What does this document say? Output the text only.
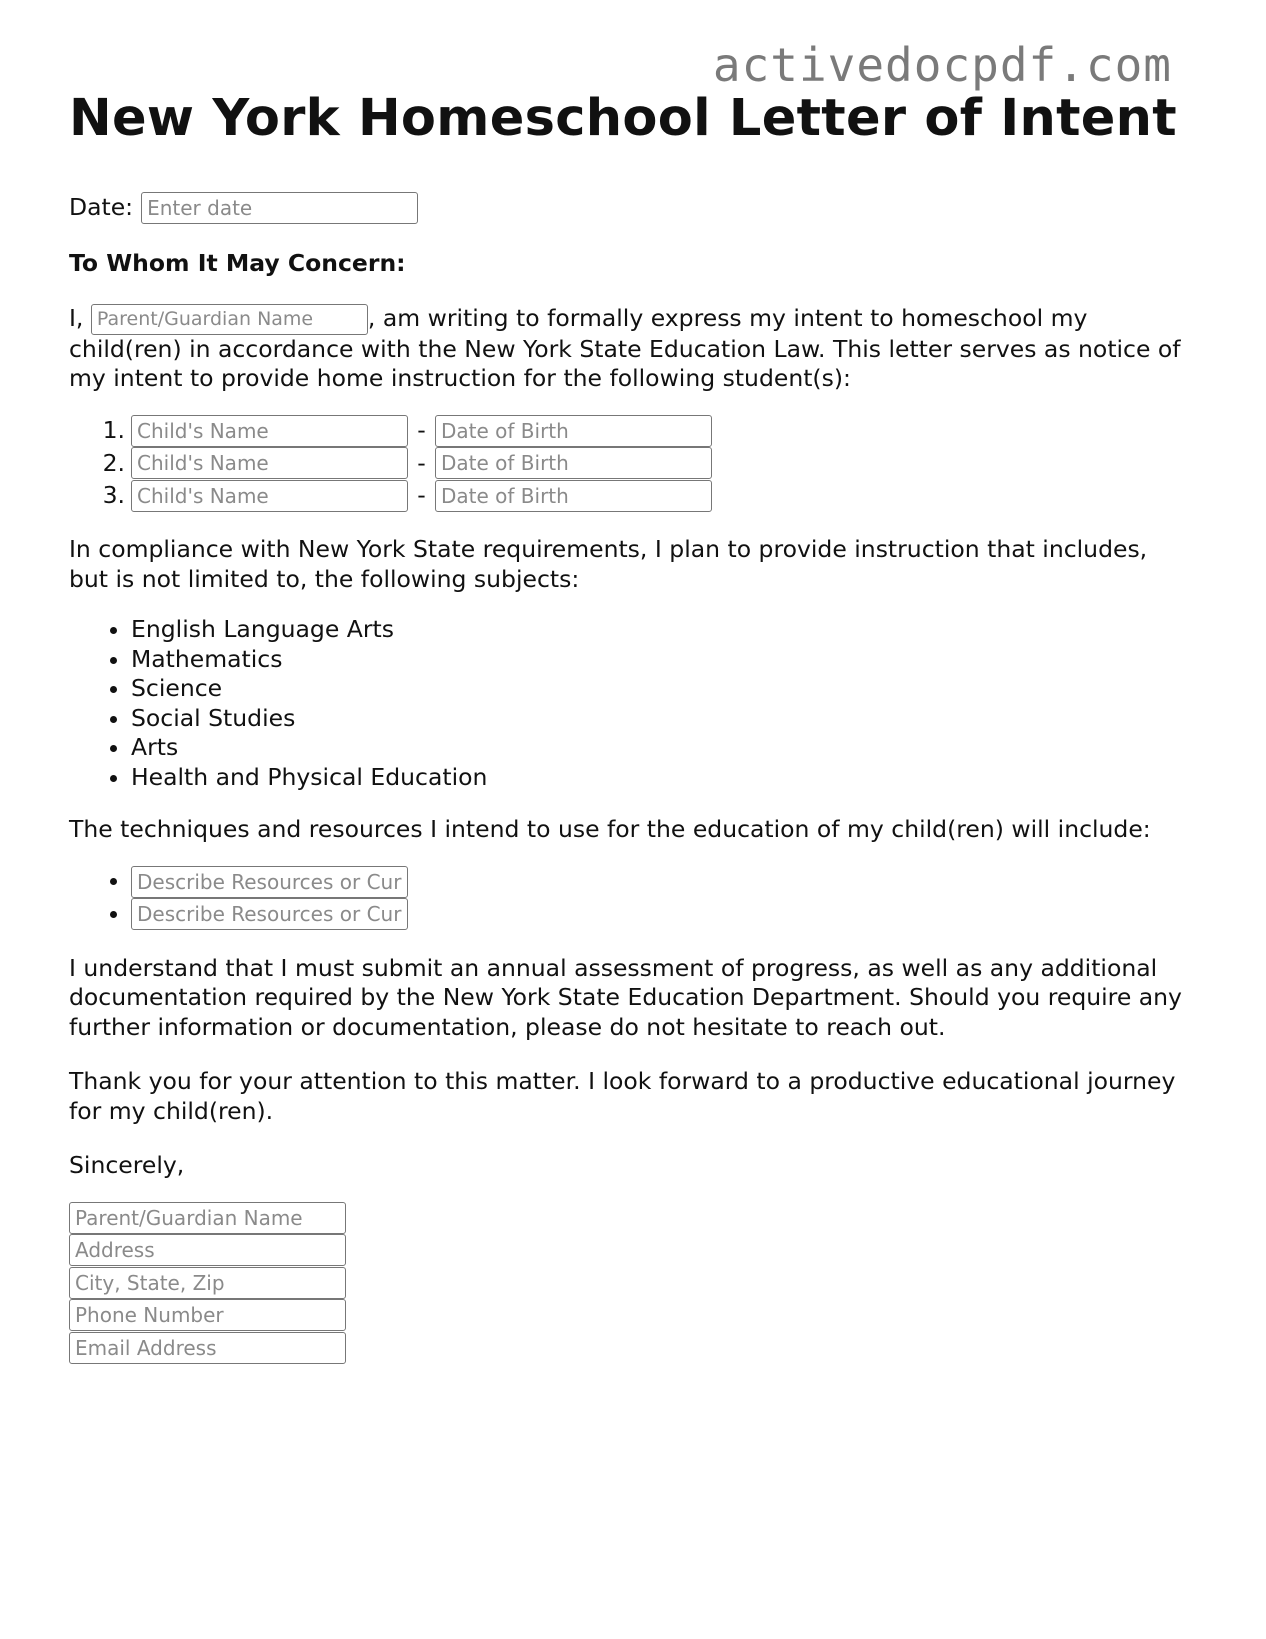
activedocpdf.com
New York Homeschool Letter of Intent
Date:
Enter date

To Whom It May Concern:

I, Parent/Guardian Name	, am writing to formally express my intent to homeschool my child(ren) in accordance with the New York State Education Law. This letter serves as notice of my intent to provide home instruction for the following student(s):

1.
Child's Name	-
Date of Birth
2.
Child's Name	-
Date of Birth
3.
Child's Name	-
Date of Birth

In compliance with New York State requirements, I plan to provide instruction that includes, but is not limited to, the following subjects:

• English Language Arts
• Mathematics
• Science
• Social Studies
• Arts
• Health and Physical Education

The techniques and resources I intend to use for the education of my child(ren) will include:

• Describe Resources or Curriculum
• Describe Resources or Curriculum

I understand that I must submit an annual assessment of progress, as well as any additional documentation required by the New York State Education Department. Should you require any further information or documentation, please do not hesitate to reach out.

Thank you for your attention to this matter. I look forward to a productive educational journey for my child(ren).

Sincerely,

Parent/Guardian Name
Address
City, State, Zip
Phone Number
Email Address
